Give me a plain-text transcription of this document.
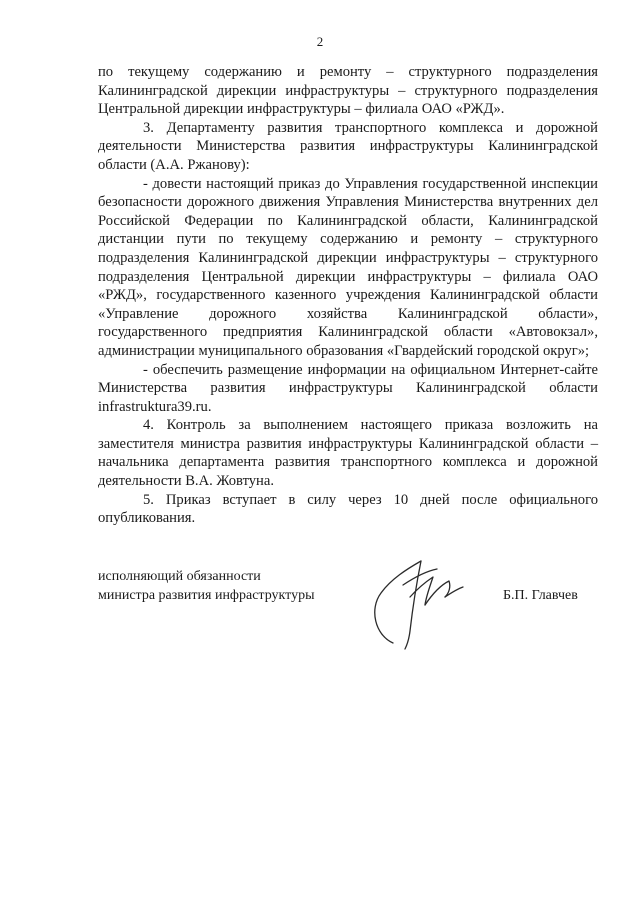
2

по текущему содержанию и ремонту – структурного подразделения Калининградской дирекции инфраструктуры – структурного подразделения Центральной дирекции инфраструктуры – филиала ОАО «РЖД».

3. Департаменту развития транспортного комплекса и дорожной деятельности Министерства развития инфраструктуры Калининградской области (А.А. Ржанову):

- довести настоящий приказ до Управления государственной инспекции безопасности дорожного движения Управления Министерства внутренних дел Российской Федерации по Калининградской области, Калининградской дистанции пути по текущему содержанию и ремонту – структурного подразделения Калининградской дирекции инфраструктуры – структурного подразделения Центральной дирекции инфраструктуры – филиала ОАО «РЖД», государственного казенного учреждения Калининградской области «Управление дорожного хозяйства Калининградской области», государственного предприятия Калининградской области «Автовокзал», администрации муниципального образования «Гвардейский городской округ»;

- обеспечить размещение информации на официальном Интернет-сайте Министерства развития инфраструктуры Калининградской области infrastruktura39.ru.

4. Контроль за выполнением настоящего приказа возложить на заместителя министра развития инфраструктуры Калининградской области – начальника департамента развития транспортного комплекса и дорожной деятельности В.А. Жовтуна.

5. Приказ вступает в силу через 10 дней после официального опубликования.

исполняющий обязанности
министра развития инфраструктуры	Б.П. Главчев
